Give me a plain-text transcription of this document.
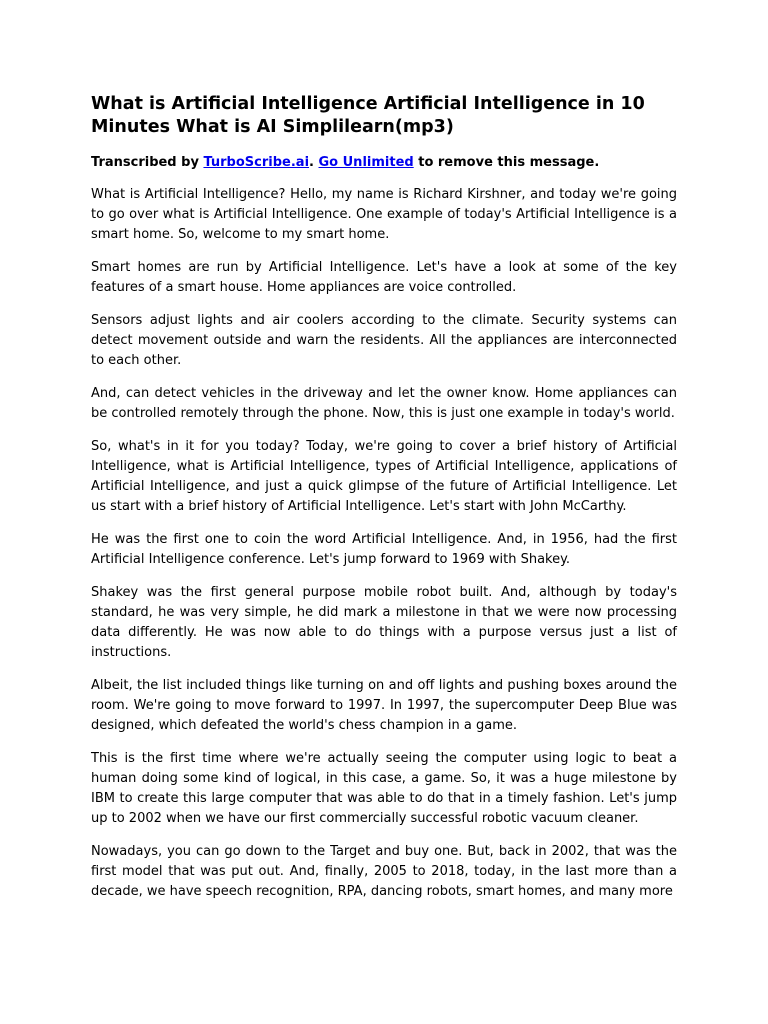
What is Artificial Intelligence Artificial Intelligence in 10 Minutes What is AI Simplilearn(mp3)

Transcribed by TurboScribe.ai. Go Unlimited to remove this message.

What is Artificial Intelligence? Hello, my name is Richard Kirshner, and today we're going to go over what is Artificial Intelligence. One example of today's Artificial Intelligence is a smart home. So, welcome to my smart home.

Smart homes are run by Artificial Intelligence. Let's have a look at some of the key features of a smart house. Home appliances are voice controlled.

Sensors adjust lights and air coolers according to the climate. Security systems can detect movement outside and warn the residents. All the appliances are interconnected to each other.

And, can detect vehicles in the driveway and let the owner know. Home appliances can be controlled remotely through the phone. Now, this is just one example in today's world.

So, what's in it for you today? Today, we're going to cover a brief history of Artificial Intelligence, what is Artificial Intelligence, types of Artificial Intelligence, applications of Artificial Intelligence, and just a quick glimpse of the future of Artificial Intelligence. Let us start with a brief history of Artificial Intelligence. Let's start with John McCarthy.

He was the first one to coin the word Artificial Intelligence. And, in 1956, had the first Artificial Intelligence conference. Let's jump forward to 1969 with Shakey.

Shakey was the first general purpose mobile robot built. And, although by today's standard, he was very simple, he did mark a milestone in that we were now processing data differently. He was now able to do things with a purpose versus just a list of instructions.

Albeit, the list included things like turning on and off lights and pushing boxes around the room. We're going to move forward to 1997. In 1997, the supercomputer Deep Blue was designed, which defeated the world's chess champion in a game.

This is the first time where we're actually seeing the computer using logic to beat a human doing some kind of logical, in this case, a game. So, it was a huge milestone by IBM to create this large computer that was able to do that in a timely fashion. Let's jump up to 2002 when we have our first commercially successful robotic vacuum cleaner.

Nowadays, you can go down to the Target and buy one. But, back in 2002, that was the first model that was put out. And, finally, 2005 to 2018, today, in the last more than a decade, we have speech recognition, RPA, dancing robots, smart homes, and many more
